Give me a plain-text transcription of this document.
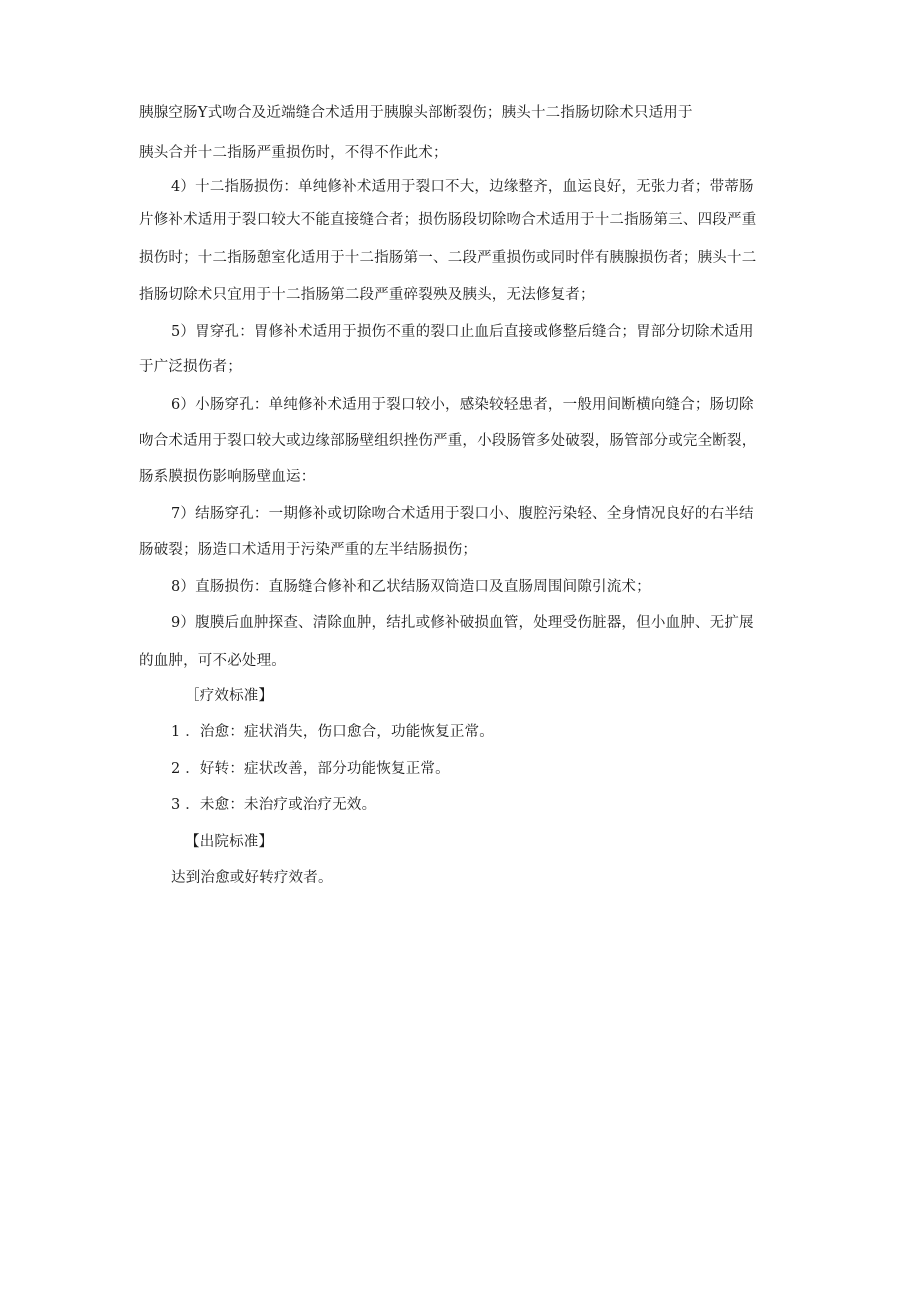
胰腺空肠Y式吻合及近端缝合术适用于胰腺头部断裂伤；胰头十二指肠切除术只适用于
胰头合并十二指肠严重损伤时，不得不作此术；
4）十二指肠损伤：单纯修补术适用于裂口不大，边缘整齐，血运良好，无张力者；带蒂肠
片修补术适用于裂口较大不能直接缝合者；损伤肠段切除吻合术适用于十二指肠第三、四段严重
损伤时；十二指肠憩室化适用于十二指肠第一、二段严重损伤或同时伴有胰腺损伤者；胰头十二
指肠切除术只宜用于十二指肠第二段严重碎裂殃及胰头，无法修复者；
5）胃穿孔：胃修补术适用于损伤不重的裂口止血后直接或修整后缝合；胃部分切除术适用
于广泛损伤者；
6）小肠穿孔：单纯修补术适用于裂口较小，感染较轻患者，一般用间断横向缝合；肠切除
吻合术适用于裂口较大或边缘部肠壁组织挫伤严重，小段肠管多处破裂，肠管部分或完全断裂，
肠系膜损伤影响肠壁血运：
7）结肠穿孔：一期修补或切除吻合术适用于裂口小、腹腔污染轻、全身情况良好的右半结
肠破裂；肠造口术适用于污染严重的左半结肠损伤；
8）直肠损伤：直肠缝合修补和乙状结肠双筒造口及直肠周围间隙引流术；
9）腹膜后血肿探查、清除血肿，结扎或修补破损血管，处理受伤脏器，但小血肿、无扩展
的血肿，可不必处理。
［疗效标准】
1 ．治愈：症状消失，伤口愈合，功能恢复正常。
2 ．好转：症状改善，部分功能恢复正常。
3 ．未愈：未治疗或治疗无效。
【出院标准】
达到治愈或好转疗效者。
